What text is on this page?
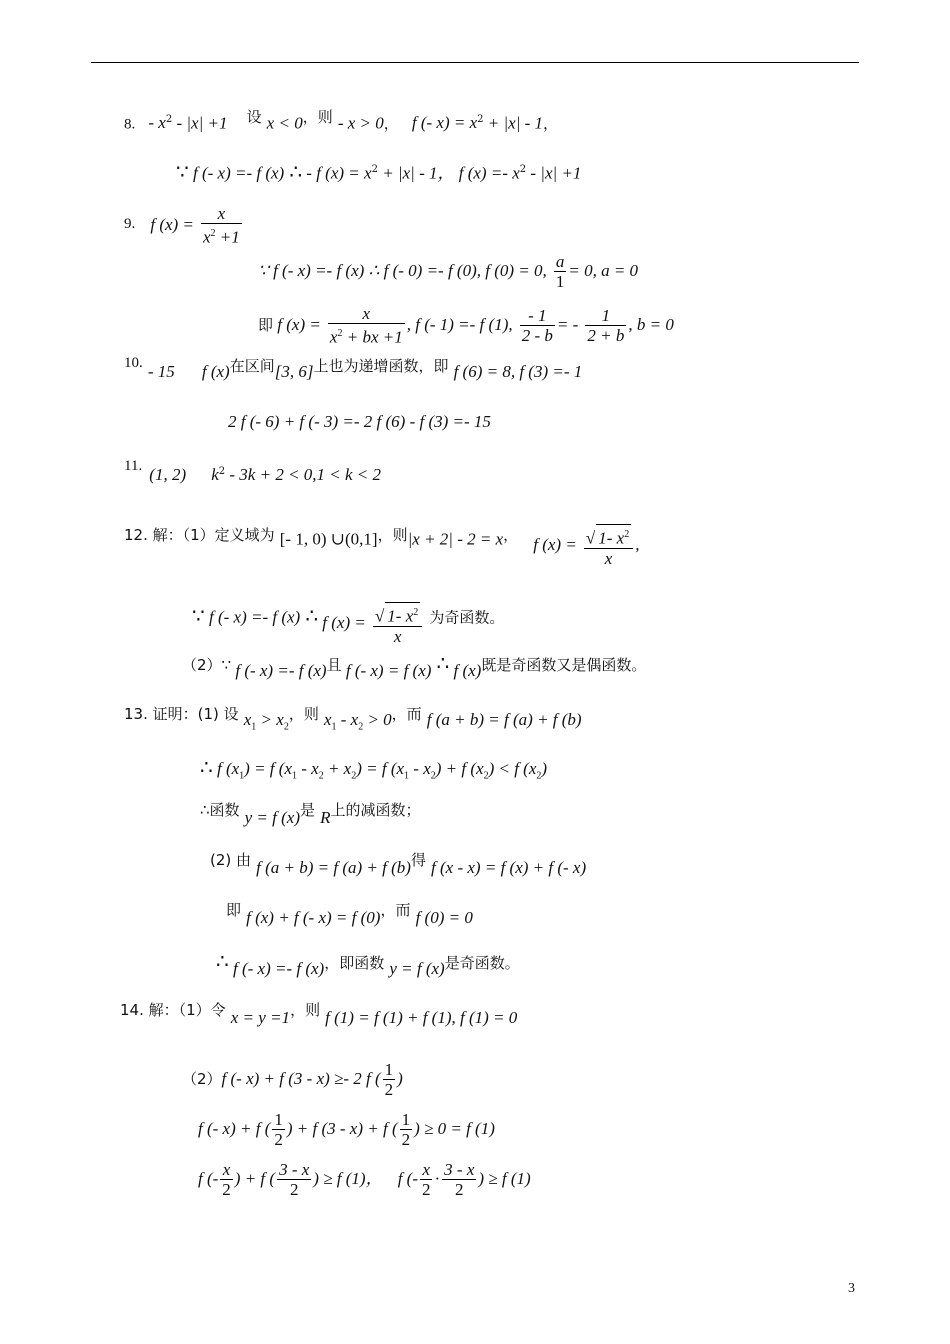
8. - $x^2 - |x| +1$ 设 x < 0，则 - x > 0， f (- $x) = x^2 + |x| - 1$，
∵ f (- x) =- f (x) ∴ - f $(x) = x^2 + |x| - 1$， f $(x) =- x^2 - |x| +1$
9. f $(x) = \frac{x}{x^2 +1}$
∵ f (- x) =- f (x) ∴ f (- 0) =- f (0), f (0) = 0, $\frac{a}{1} = 0$, a = 0
即 f $(x) = \frac{x}{x^2 + bx +1}$ , f (- 1) =- f (1), $\frac{- 1}{2 - b}$ = - $\frac{1}{2 + b}$ , b = 0
10. - 15 f (x)在区间[3, 6]上也为递增函数，即 f (6) = 8, f (3) =- 1
2 f (- 6) + f (- 3) =- 2 f (6) - f (3) =- 15
11. (1, 2) $k^2 - 3k + 2 < 0,1 < k < 2$
12. 解：（1）定义域为 [- 1, 0) ∪(0,1]，则|x + 2| - 2 = x， f $(x) = \frac{√ 1- x^2}{x}$ ,
∵ f (- x) =- f (x) ∴ f $(x) = \frac{√ 1- x^2}{x}$ 为奇函数。
（2）∵ f (- x) =- f (x)且 f (- x) = f (x) ∴ f (x)既是奇函数又是偶函数。
13. 证明：(1) 设 $x_1 > x_2$，则 $x_1 - x_2 > 0$，而 f (a + b) = f (a) + f (b)
∴ f $(x_1) = f$ $(x_1 - x_2 + x_2) = f$ $(x_1 - x_2) + f$ $(x_2) < f$ $(x_2)$
∴函数 y = f (x)是 R上的减函数；
(2) 由 f (a + b) = f (a) + f (b)得 f (x - x) = f (x) + f (- x)
即 f (x) + f (- x) = f (0)，而 f (0) = 0
∴ f (- x) =- f (x)，即函数 y = f (x)是奇函数。
14. 解：（1）令 x = y =1，则 f (1) = f (1) + f (1), f (1) = 0
（2）f (- x) + f (3 - x) ≥- 2 f ( $\frac{1}{2}$ )
f (- x) + f ( $\frac{1}{2}$ ) + f (3 - x) + f ( $\frac{1}{2}$ ) ≥ 0 = f (1)
f (- $\frac{x}{2}$ ) + f ( $\frac{3 - x}{2}$ ) ≥ f (1)， f (- $\frac{x}{2} \cdot \frac{3 - x}{2}$ ) ≥ f (1)
3
